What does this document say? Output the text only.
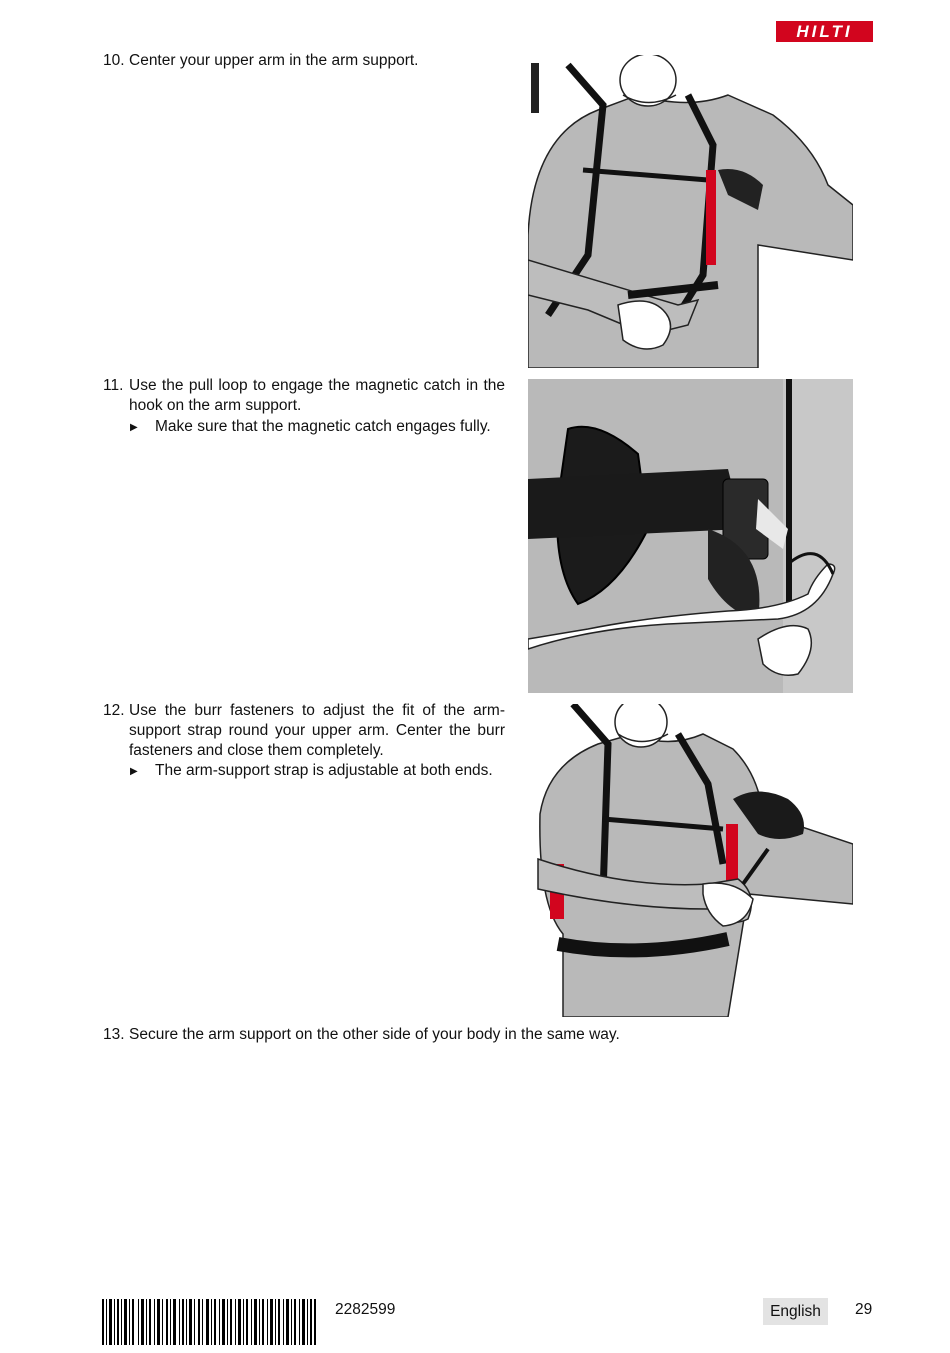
HILTI
10. Center your upper arm in the arm support.
11. Use the pull loop to engage the magnetic catch in the hook on the arm support.
▶ Make sure that the magnetic catch engages fully.
12. Use the burr fasteners to adjust the fit of the arm-support strap round your upper arm. Center the burr fasteners and close them completely.
▶ The arm-support strap is adjustable at both ends.
13. Secure the arm support on the other side of your body in the same way.
2282599	English	29
